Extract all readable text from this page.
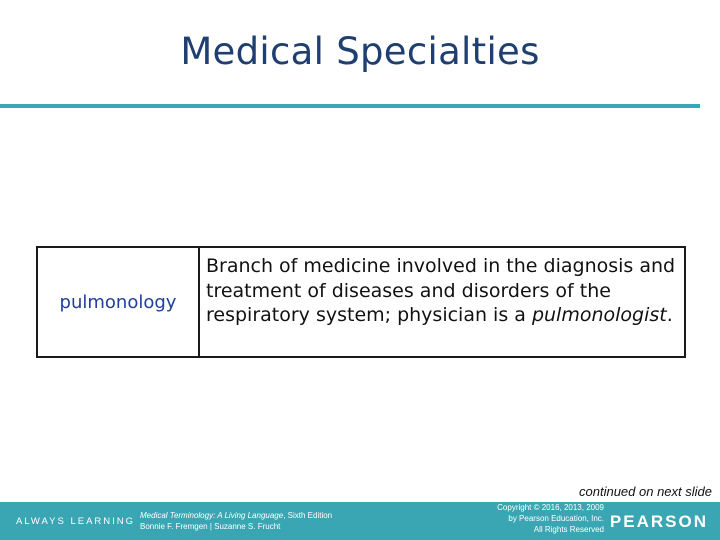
Medical Specialties
pulmonology
Branch of medicine involved in the diagnosis and treatment of diseases and disorders of the respiratory system; physician is a pulmonologist.
continued on next slide
ALWAYS LEARNING
Medical Terminology: A Living Language, Sixth Edition
Bonnie F. Fremgen | Suzanne S. Frucht
Copyright © 2016, 2013, 2009
by Pearson Education, Inc.
All Rights Reserved PEARSON
